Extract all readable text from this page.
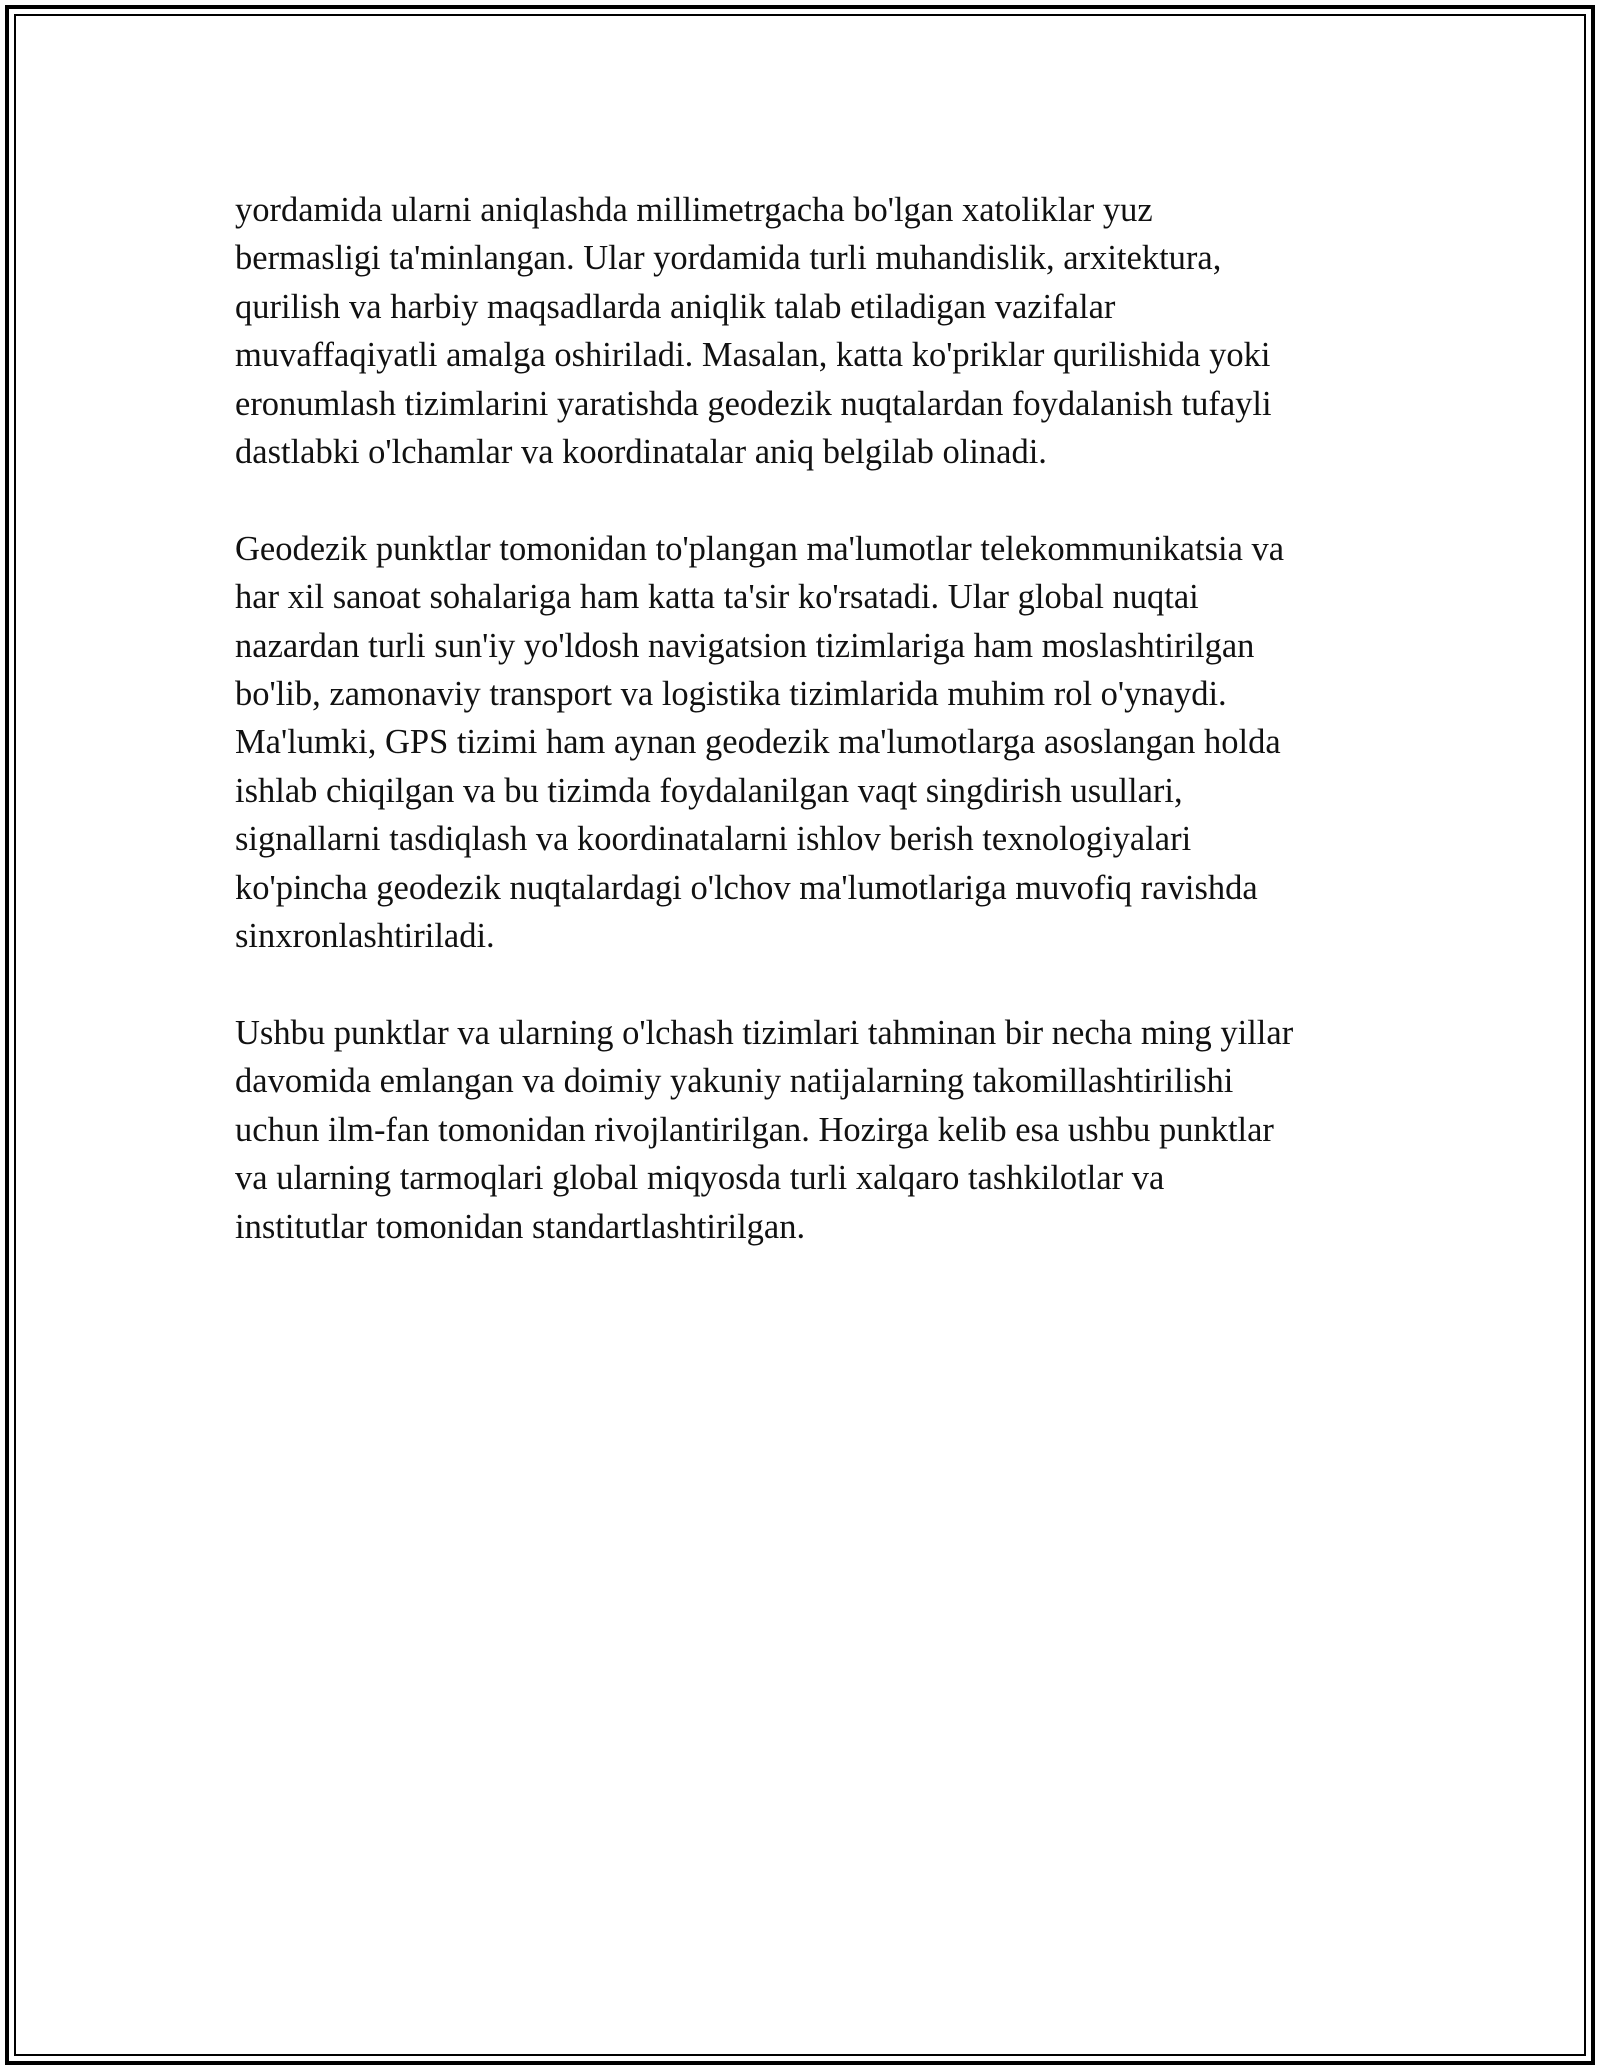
yordamida ularni aniqlashda millimetrgacha bo'lgan xatoliklar yuz
bermasligi ta'minlangan. Ular yordamida turli muhandislik, arxitektura,
qurilish va harbiy maqsadlarda aniqlik talab etiladigan vazifalar
muvaffaqiyatli amalga oshiriladi. Masalan, katta ko'priklar qurilishida yoki
eronumlash tizimlarini yaratishda geodezik nuqtalardan foydalanish tufayli
dastlabki o'lchamlar va koordinatalar aniq belgilab olinadi.
Geodezik punktlar tomonidan to'plangan ma'lumotlar telekommunikatsia va
har xil sanoat sohalariga ham katta ta'sir ko'rsatadi. Ular global nuqtai
nazardan turli sun'iy yo'ldosh navigatsion tizimlariga ham moslashtirilgan
bo'lib, zamonaviy transport va logistika tizimlarida muhim rol o'ynaydi.
Ma'lumki, GPS tizimi ham aynan geodezik ma'lumotlarga asoslangan holda
ishlab chiqilgan va bu tizimda foydalanilgan vaqt singdirish usullari,
signallarni tasdiqlash va koordinatalarni ishlov berish texnologiyalari
ko'pincha geodezik nuqtalardagi o'lchov ma'lumotlariga muvofiq ravishda
sinxronlashtiriladi.
Ushbu punktlar va ularning o'lchash tizimlari tahminan bir necha ming yillar
davomida emlangan va doimiy yakuniy natijalarning takomillashtirilishi
uchun ilm-fan tomonidan rivojlantirilgan. Hozirga kelib esa ushbu punktlar
va ularning tarmoqlari global miqyosda turli xalqaro tashkilotlar va
institutlar tomonidan standartlashtirilgan.
